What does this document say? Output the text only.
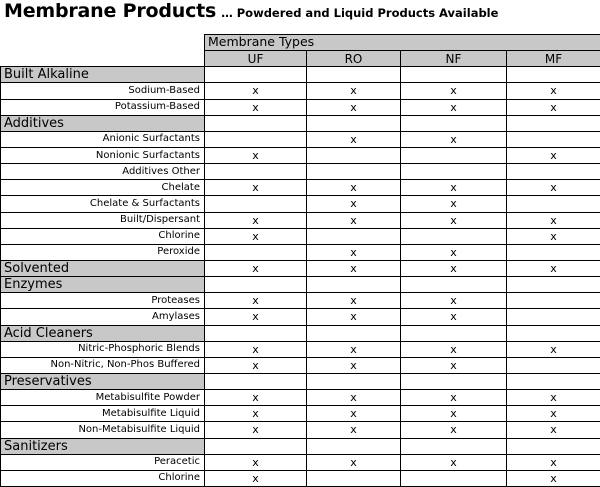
Membrane Products … Powdered and Liquid Products Available
	Membrane Types			
	UF	RO	NF	MF
Built Alkaline				
Sodium-Based	x	x	x	x
Potassium-Based	x	x	x	x
Additives				
Anionic Surfactants		x	x	
Nonionic Surfactants	x			x
Additives Other				
Chelate	x	x	x	x
Chelate & Surfactants		x	x	
Built/Dispersant	x	x	x	x
Chlorine	x			x
Peroxide		x	x	
Solvented	x	x	x	x
Enzymes				
Proteases	x	x	x	
Amylases	x	x	x	
Acid Cleaners				
Nitric-Phosphoric Blends	x	x	x	x
Non-Nitric, Non-Phos Buffered	x	x	x	
Preservatives				
Metabisulfite Powder	x	x	x	x
Metabisulfite Liquid	x	x	x	x
Non-Metabisulfite Liquid	x	x	x	x
Sanitizers				
Peracetic	x	x	x	x
Chlorine	x			x
